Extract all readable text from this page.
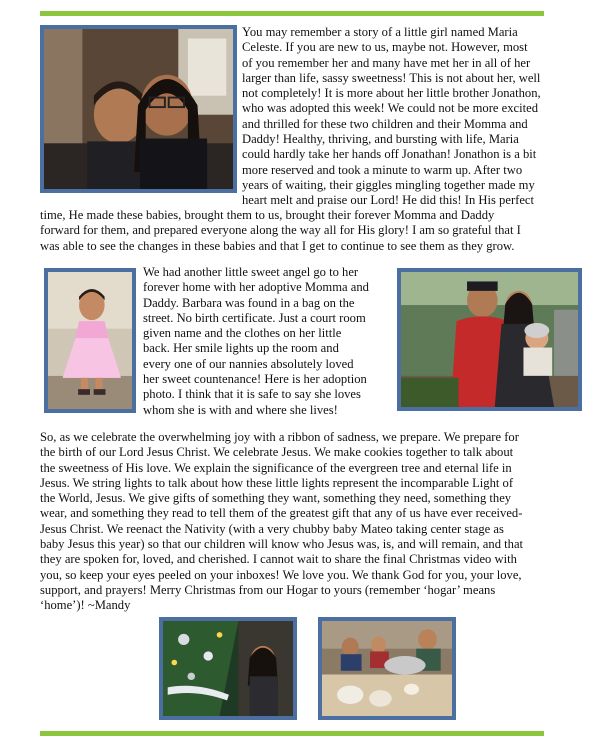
You may remember a story of a little girl named Maria
Celeste. If you are new to us, maybe not. However, most
of you remember her and many have met her in all of her
larger than life, sassy sweetness! This is not about her, well
not completely! It is more about her little brother Jonathon,
who was adopted this week! We could not be more excited
and thrilled for these two children and their Momma and
Daddy! Healthy, thriving, and bursting with life, Maria
could hardly take her hands off Jonathan! Jonathon is a bit
more reserved and took a minute to warm up. After two
years of waiting, their giggles mingling together made my
heart melt and praise our Lord! He did this! In His perfect
time, He made these babies, brought them to us, brought their forever Momma and Daddy
forward for them, and prepared everyone along the way all for His glory! I am so grateful that I
was able to see the changes in these babies and that I get to continue to see them as they grow.
We had another little sweet angel go to her
forever home with her adoptive Momma and
Daddy. Barbara was found in a bag on the
street. No birth certificate. Just a court room
given name and the clothes on her little
back. Her smile lights up the room and
every one of our nannies absolutely loved
her sweet countenance! Here is her adoption
photo. I think that it is safe to say she loves
whom she is with and where she lives!
So, as we celebrate the overwhelming joy with a ribbon of sadness, we prepare. We prepare for
the birth of our Lord Jesus Christ. We celebrate Jesus. We make cookies together to talk about
the sweetness of His love. We explain the significance of the evergreen tree and eternal life in
Jesus. We string lights to talk about how these little lights represent the incomparable Light of
the World, Jesus. We give gifts of something they want, something they need, something they
wear, and something they read to tell them of the greatest gift that any of us have ever received-
Jesus Christ. We reenact the Nativity (with a very chubby baby Mateo taking center stage as
baby Jesus this year) so that our children will know who Jesus was, is, and will remain, and that
they are spoken for, loved, and cherished. I cannot wait to share the final Christmas video with
you, so keep your eyes peeled on your inboxes! We love you. We thank God for you, your love,
support, and prayers! Merry Christmas from our Hogar to yours (remember ‘hogar’ means
‘home’)! ~Mandy
